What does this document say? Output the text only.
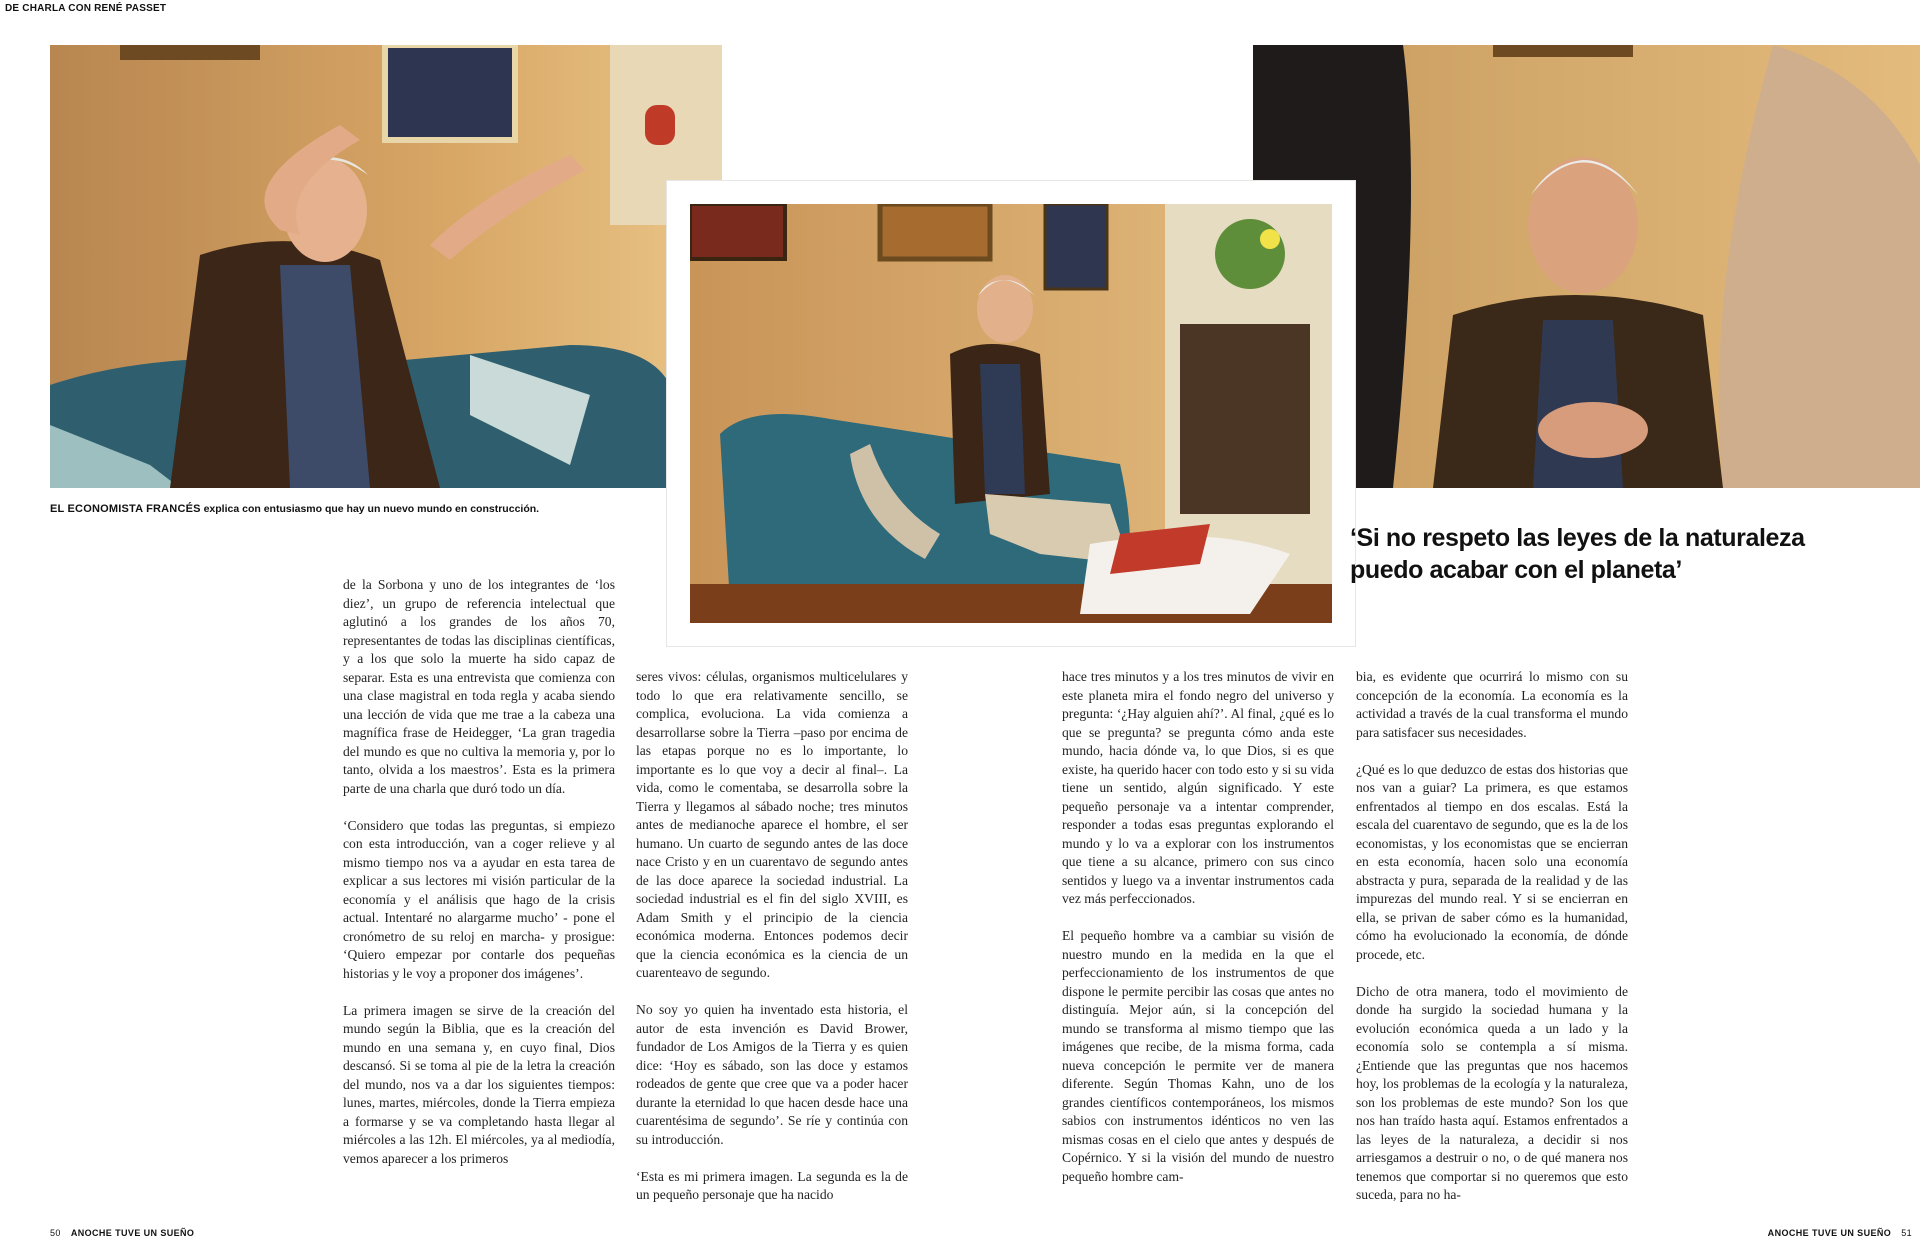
DE CHARLA CON RENÉ PASSET
EL ECONOMISTA FRANCÉS explica con entusiasmo que hay un nuevo mundo en construcción.
‘Si no respeto las leyes de la naturaleza
puedo acabar con el planeta’

de la Sorbona y uno de los integrantes de ‘los diez’, un grupo de referencia intelectual que aglutinó a los grandes de los años 70, representantes de todas las disciplinas científicas, y a los que solo la muerte ha sido capaz de separar. Esta es una entrevista que comienza con una clase magistral en toda regla y acaba siendo una lección de vida que me trae a la cabeza una magnífica frase de Heidegger, ‘La gran tragedia del mundo es que no cultiva la memoria y, por lo tanto, olvida a los maestros’. Esta es la primera parte de una charla que duró todo un día.

‘Considero que todas las preguntas, si empiezo con esta introducción, van a coger relieve y al mismo tiempo nos va a ayudar en esta tarea de explicar a sus lectores mi visión particular de la economía y el análisis que hago de la crisis actual. Intentaré no alargarme mucho’ - pone el cronómetro de su reloj en marcha- y prosigue: ‘Quiero empezar por contarle dos pequeñas historias y le voy a proponer dos imágenes’.

La primera imagen se sirve de la creación del mundo según la Biblia, que es la creación del mundo en una semana y, en cuyo final, Dios descansó. Si se toma al pie de la letra la creación del mundo, nos va a dar los siguientes tiempos: lunes, martes, miércoles, donde la Tierra empieza a formarse y se va completando hasta llegar al miércoles a las 12h. El miércoles, ya al mediodía, vemos aparecer a los primeros

seres vivos: células, organismos multicelulares y todo lo que era relativamente sencillo, se complica, evoluciona. La vida comienza a desarrollarse sobre la Tierra –paso por encima de las etapas porque no es lo importante, lo importante es lo que voy a decir al final–. La vida, como le comentaba, se desarrolla sobre la Tierra y llegamos al sábado noche; tres minutos antes de medianoche aparece el hombre, el ser humano. Un cuarto de segundo antes de las doce nace Cristo y en un cuarentavo de segundo antes de las doce aparece la sociedad industrial. La sociedad industrial es el fin del siglo XVIII, es Adam Smith y el principio de la ciencia económica moderna. Entonces podemos decir que la ciencia económica es la ciencia de un cuarenteavo de segundo.

No soy yo quien ha inventado esta historia, el autor de esta invención es David Brower, fundador de Los Amigos de la Tierra y es quien dice: ‘Hoy es sábado, son las doce y estamos rodeados de gente que cree que va a poder hacer durante la eternidad lo que hacen desde hace una cuarentésima de segundo’. Se ríe y continúa con su introducción.

‘Esta es mi primera imagen. La segunda es la de un pequeño personaje que ha nacido

hace tres minutos y a los tres minutos de vivir en este planeta mira el fondo negro del universo y pregunta: ‘¿Hay alguien ahí?’. Al final, ¿qué es lo que se pregunta? se pregunta cómo anda este mundo, hacia dónde va, lo que Dios, si es que existe, ha querido hacer con todo esto y si su vida tiene un sentido, algún significado. Y este pequeño personaje va a intentar comprender, responder a todas esas preguntas explorando el mundo y lo va a explorar con los instrumentos que tiene a su alcance, primero con sus cinco sentidos y luego va a inventar instrumentos cada vez más perfeccionados.

El pequeño hombre va a cambiar su visión de nuestro mundo en la medida en la que el perfeccionamiento de los instrumentos de que dispone le permite percibir las cosas que antes no distinguía. Mejor aún, si la concepción del mundo se transforma al mismo tiempo que las imágenes que recibe, de la misma forma, cada nueva concepción le permite ver de manera diferente. Según Thomas Kahn, uno de los grandes científicos contemporáneos, los mismos sabios con instrumentos idénticos no ven las mismas cosas en el cielo que antes y después de Copérnico. Y si la visión del mundo de nuestro pequeño hombre cam-

bia, es evidente que ocurrirá lo mismo con su concepción de la economía. La economía es la actividad a través de la cual transforma el mundo para satisfacer sus necesidades.

¿Qué es lo que deduzco de estas dos historias que nos van a guiar? La primera, es que estamos enfrentados al tiempo en dos escalas. Está la escala del cuarentavo de segundo, que es la de los economistas, y los economistas que se encierran en esta economía, hacen solo una economía abstracta y pura, separada de la realidad y de las impurezas del mundo real. Y si se encierran en ella, se privan de saber cómo es la humanidad, cómo ha evolucionado la economía, de dónde procede, etc.

Dicho de otra manera, todo el movimiento de donde ha surgido la sociedad humana y la evolución económica queda a un lado y la economía solo se contempla a sí misma. ¿Entiende que las preguntas que nos hacemos hoy, los problemas de la ecología y la naturaleza, son los problemas de este mundo? Son los que nos han traído hasta aquí. Estamos enfrentados a las leyes de la naturaleza, a decidir si nos arriesgamos a destruir o no, o de qué manera nos tenemos que comportar si no queremos que esto suceda, para no ha-

50 ANOCHE TUVE UN SUEÑO	ANOCHE TUVE UN SUEÑO 51
